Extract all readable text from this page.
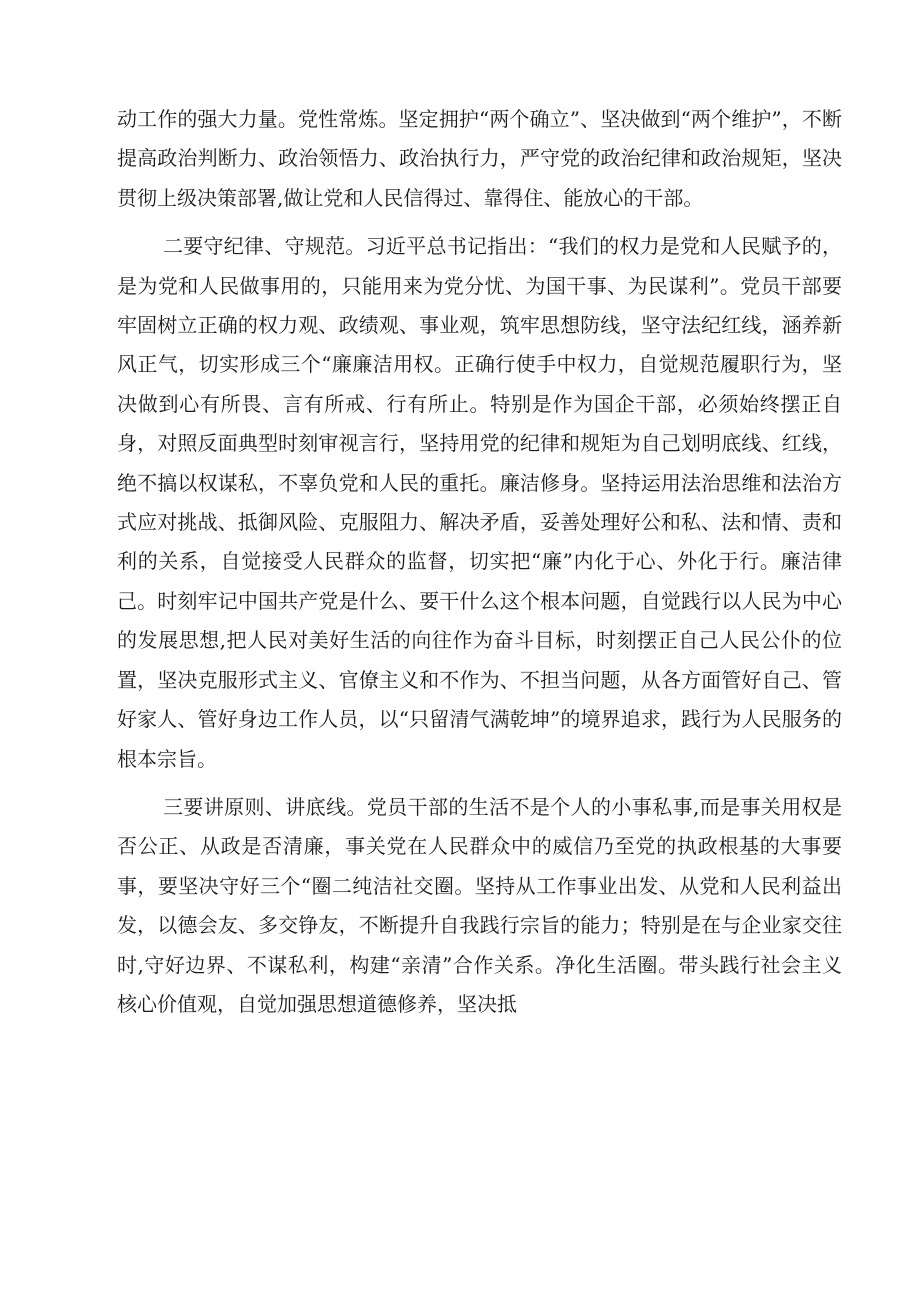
动工作的强大力量。党性常炼。坚定拥护“两个确立”、坚决做到“两个维护”，不断提高政治判断力、政治领悟力、政治执行力，严守党的政治纪律和政治规矩，坚决贯彻上级决策部署,做让党和人民信得过、靠得住、能放心的干部。

二要守纪律、守规范。习近平总书记指出：“我们的权力是党和人民赋予的，是为党和人民做事用的，只能用来为党分忧、为国干事、为民谋利”。党员干部要牢固树立正确的权力观、政绩观、事业观，筑牢思想防线，坚守法纪红线，涵养新风正气，切实形成三个“廉廉洁用权。正确行使手中权力，自觉规范履职行为，坚决做到心有所畏、言有所戒、行有所止。特别是作为国企干部，必须始终摆正自身，对照反面典型时刻审视言行，坚持用党的纪律和规矩为自己划明底线、红线，绝不搞以权谋私，不辜负党和人民的重托。廉洁修身。坚持运用法治思维和法治方式应对挑战、抵御风险、克服阻力、解决矛盾，妥善处理好公和私、法和情、责和利的关系，自觉接受人民群众的监督，切实把“廉”内化于心、外化于行。廉洁律己。时刻牢记中国共产党是什么、要干什么这个根本问题，自觉践行以人民为中心的发展思想,把人民对美好生活的向往作为奋斗目标，时刻摆正自己人民公仆的位置，坚决克服形式主义、官僚主义和不作为、不担当问题，从各方面管好自己、管好家人、管好身边工作人员，以“只留清气满乾坤”的境界追求，践行为人民服务的根本宗旨。

三要讲原则、讲底线。党员干部的生活不是个人的小事私事,而是事关用权是否公正、从政是否清廉，事关党在人民群众中的威信乃至党的执政根基的大事要事，要坚决守好三个“圈二纯洁社交圈。坚持从工作事业出发、从党和人民利益出发，以德会友、多交铮友，不断提升自我践行宗旨的能力；特别是在与企业家交往时,守好边界、不谋私利，构建“亲清”合作关系。净化生活圈。带头践行社会主义核心价值观，自觉加强思想道德修养，坚决抵
